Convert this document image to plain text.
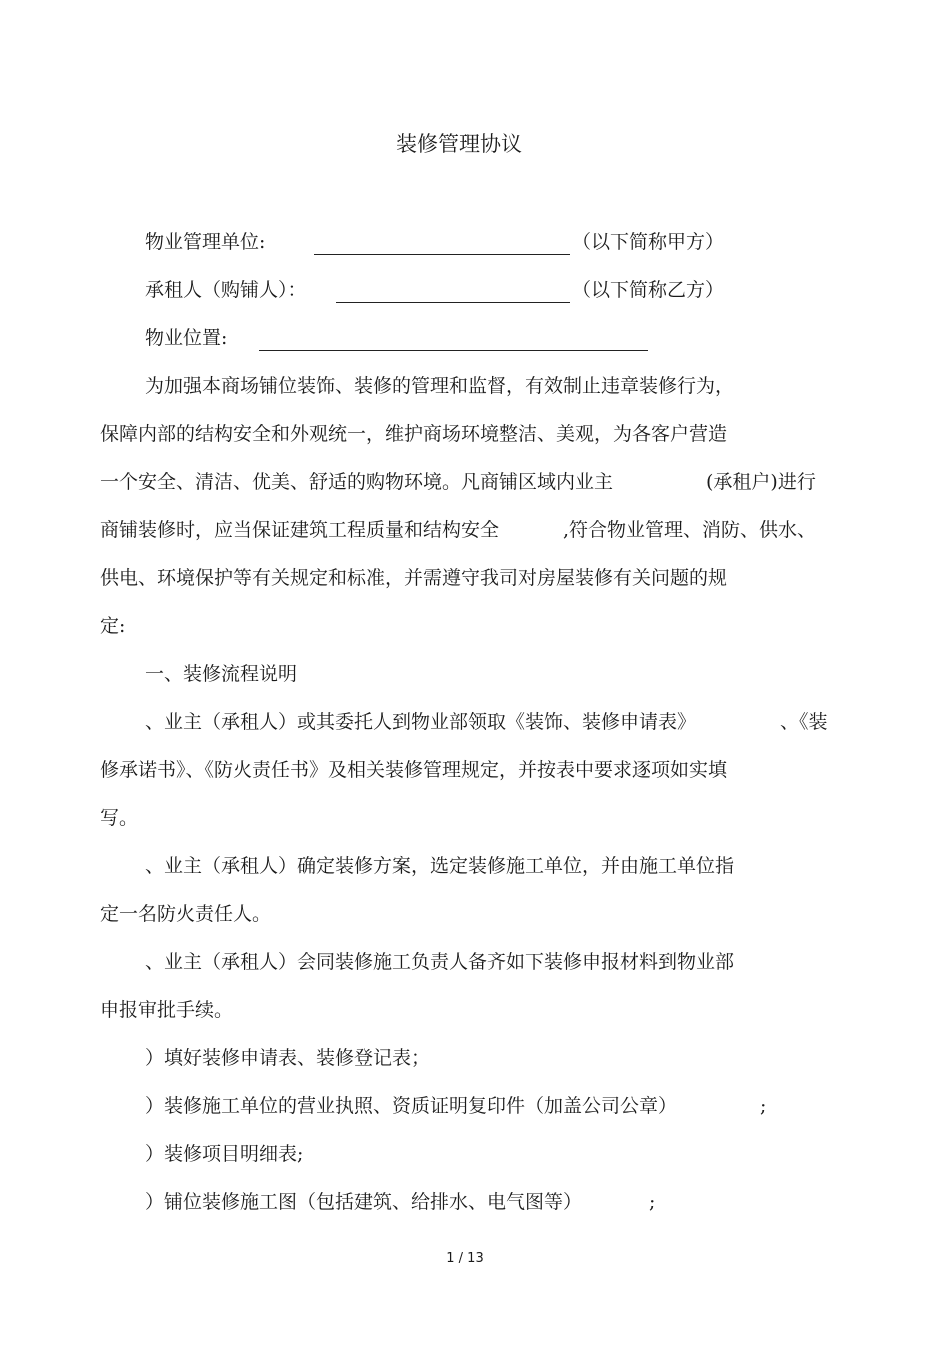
装修管理协议
物业管理单位:	（以下简称甲方）
承租人（购铺人）：	（以下简称乙方）
物业位置:
为加强本商场铺位装饰、装修的管理和监督，有效制止违章装修行为，
保障内部的结构安全和外观统一，维护商场环境整洁、美观，为各客户营造
一个安全、清洁、优美、舒适的购物环境。凡商铺区域内业主	(承租户)进行
商铺装修时，应当保证建筑工程质量和结构安全	,符合物业管理、消防、供水、
供电、环境保护等有关规定和标准，并需遵守我司对房屋装修有关问题的规
定:
一、装修流程说明
、业主（承租人）或其委托人到物业部领取《装饰、装修申请表》	、《装
修承诺书》、《防火责任书》及相关装修管理规定，并按表中要求逐项如实填
写。
、业主（承租人）确定装修方案，选定装修施工单位，并由施工单位指
定一名防火责任人。
、业主（承租人）会同装修施工负责人备齐如下装修申报材料到物业部
申报审批手续。
）填好装修申请表、装修登记表；
）装修施工单位的营业执照、资质证明复印件（加盖公司公章）	;
）装修项目明细表;
）铺位装修施工图（包括建筑、给排水、电气图等）	;
1 / 13
